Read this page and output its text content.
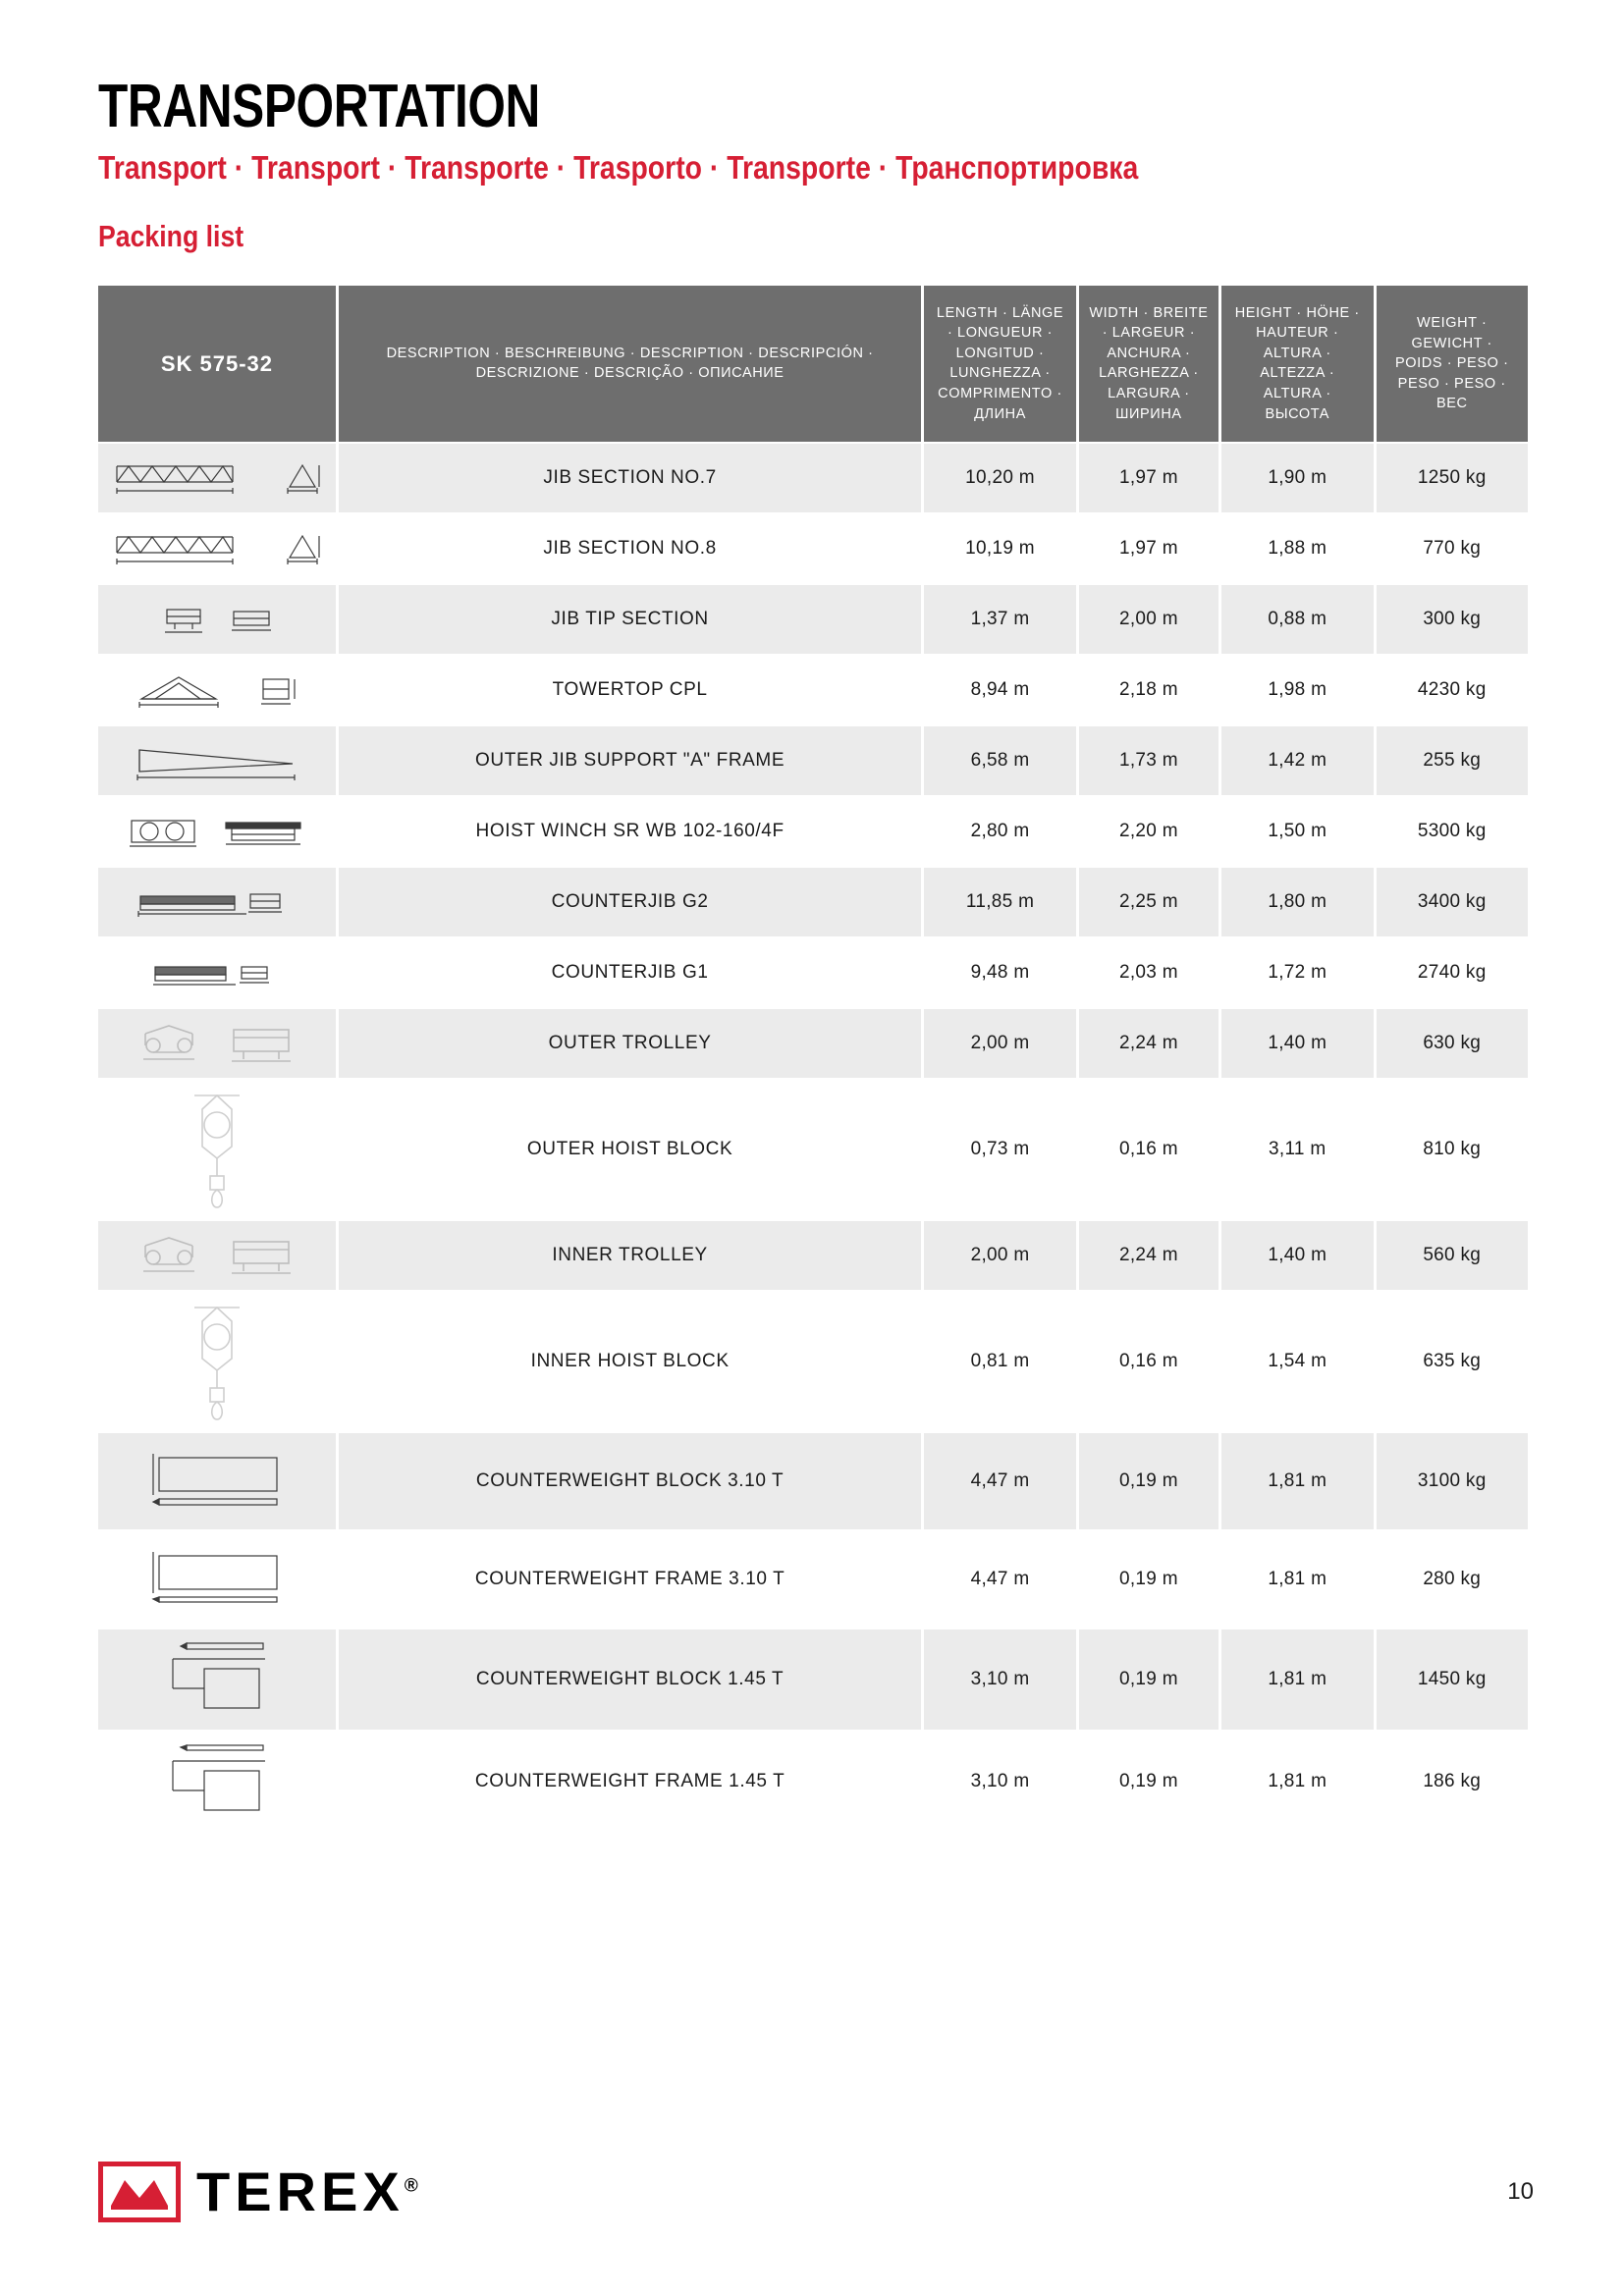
TRANSPORTATION
Transport · Transport · Transporte · Trasporto · Transporte · Транспортировка
Packing list
SK 575-32	DESCRIPTION · BESCHREIBUNG · DESCRIPTION · DESCRIPCIÓN · DESCRIZIONE · DESCRIÇÃO · ОПИСАНИЕ	LENGTH · LÄNGE · LONGUEUR · LONGITUD · LUNGHEZZA · COMPRIMENTO · ДЛИНА	WIDTH · BREITE · LARGEUR · ANCHURA · LARGHEZZA · LARGURA · ШИРИНА	HEIGHT · HÖHE · HAUTEUR · ALTURA · ALTEZZA · ALTURA · ВЫСОТА	WEIGHT · GEWICHT · POIDS · PESO · PESO · PESO · ВЕС

	JIB SECTION NO.7	10,20 m	1,97 m	1,90 m	1250 kg

	JIB SECTION NO.8	10,19 m	1,97 m	1,88 m	770 kg

	JIB TIP SECTION	1,37 m	2,00 m	0,88 m	300 kg

	TOWERTOP CPL	8,94 m	2,18 m	1,98 m	4230 kg

	OUTER JIB SUPPORT "A" FRAME	6,58 m	1,73 m	1,42 m	255 kg

	HOIST WINCH SR WB 102-160/4F	2,80 m	2,20 m	1,50 m	5300 kg

	COUNTERJIB G2	11,85 m	2,25 m	1,80 m	3400 kg

	COUNTERJIB G1	9,48 m	2,03 m	1,72 m	2740 kg

	OUTER TROLLEY	2,00 m	2,24 m	1,40 m	630 kg

	OUTER HOIST BLOCK	0,73 m	0,16 m	3,11 m	810 kg

	INNER TROLLEY	2,00 m	2,24 m	1,40 m	560 kg

	INNER HOIST BLOCK	0,81 m	0,16 m	1,54 m	635 kg

	COUNTERWEIGHT BLOCK 3.10 T	4,47 m	0,19 m	1,81 m	3100 kg

	COUNTERWEIGHT FRAME 3.10 T	4,47 m	0,19 m	1,81 m	280 kg

	COUNTERWEIGHT BLOCK 1.45 T	3,10 m	0,19 m	1,81 m	1450 kg

	COUNTERWEIGHT FRAME 1.45 T	3,10 m	0,19 m	1,81 m	186 kg
TEREX®	10
